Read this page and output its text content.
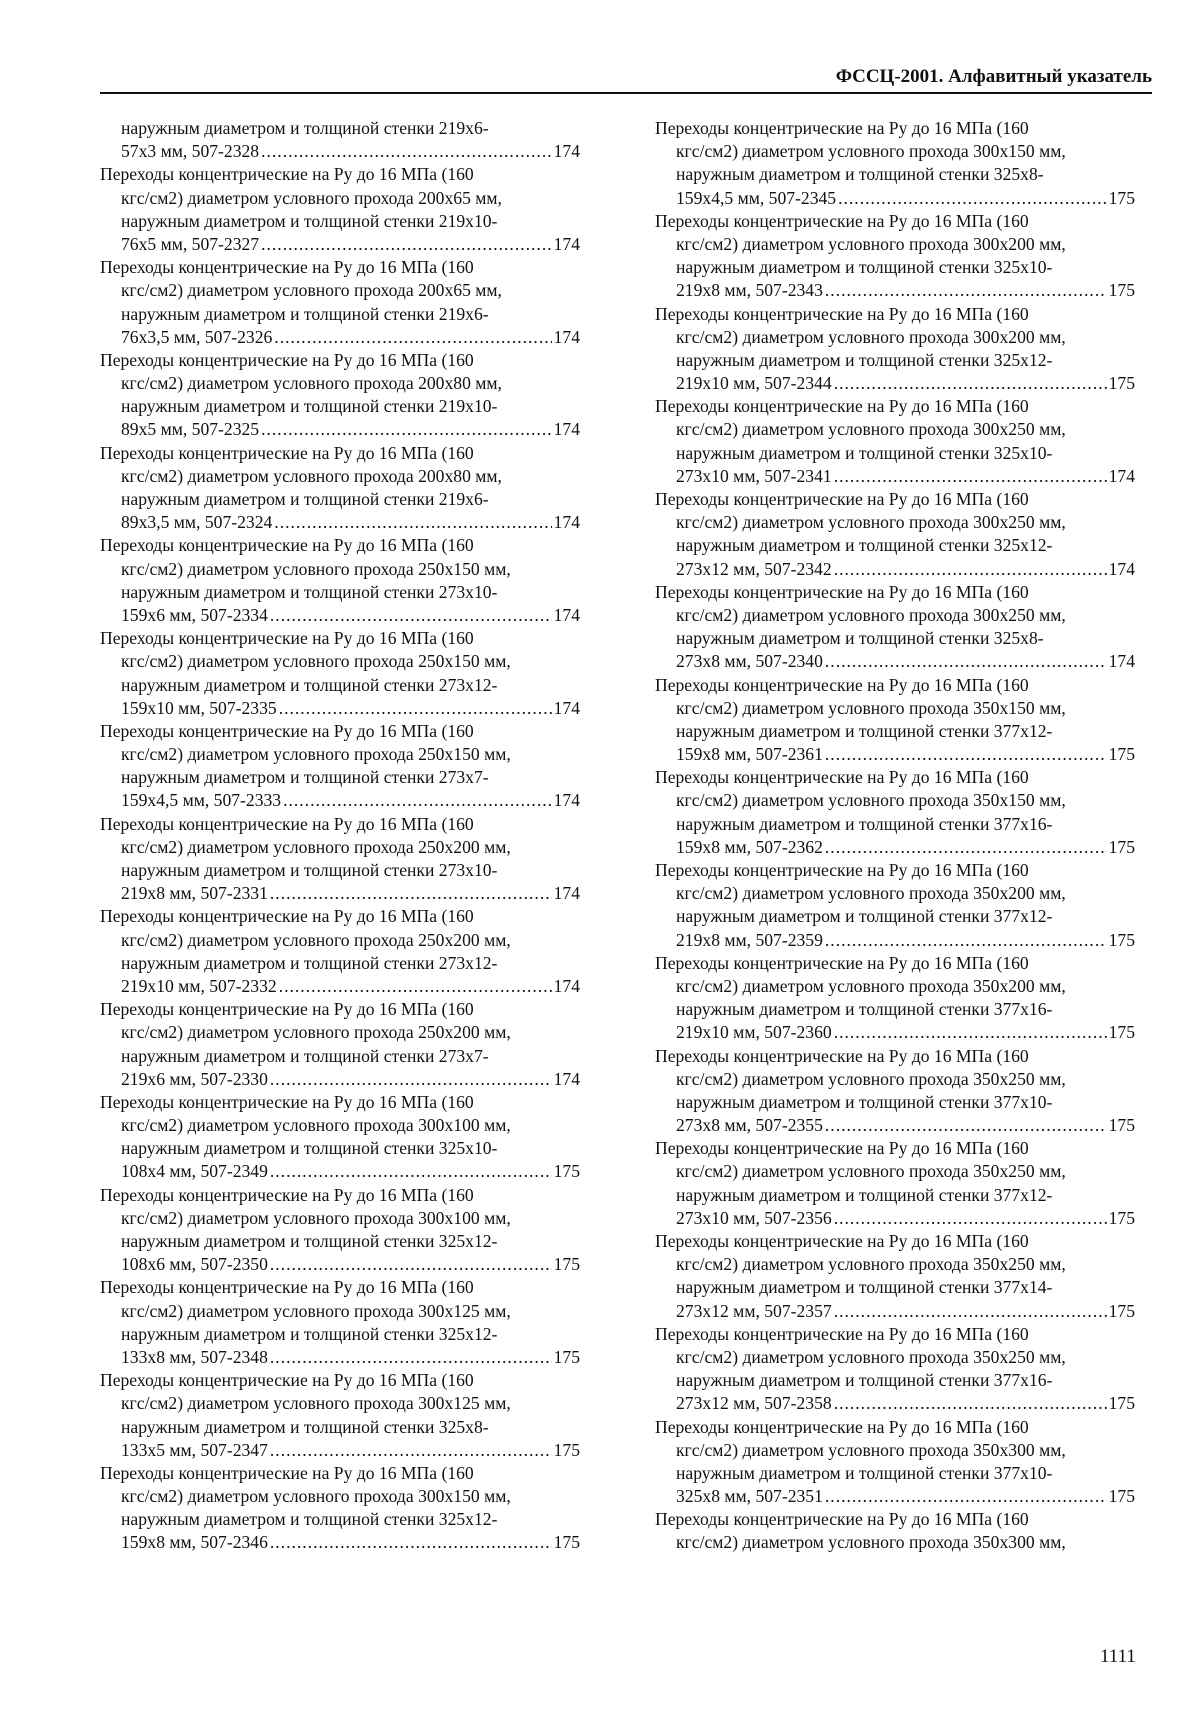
ФССЦ-2001. Алфавитный указатель
наружным диаметром и толщиной стенки 219х6-
57х3 мм, 507-2328 .....	174
Переходы концентрические на Ру до 16 МПа (160
кгс/см2) диаметром условного прохода 200х65 мм,
наружным диаметром и толщиной стенки 219х10-
76х5 мм, 507-2327 .....	174
Переходы концентрические на Ру до 16 МПа (160
кгс/см2) диаметром условного прохода 200х65 мм,
наружным диаметром и толщиной стенки 219х6-
76х3,5 мм, 507-2326 .....	174
Переходы концентрические на Ру до 16 МПа (160
кгс/см2) диаметром условного прохода 200х80 мм,
наружным диаметром и толщиной стенки 219х10-
89х5 мм, 507-2325 .....	174
Переходы концентрические на Ру до 16 МПа (160
кгс/см2) диаметром условного прохода 200х80 мм,
наружным диаметром и толщиной стенки 219х6-
89х3,5 мм, 507-2324 .....	174
Переходы концентрические на Ру до 16 МПа (160
кгс/см2) диаметром условного прохода 250х150 мм,
наружным диаметром и толщиной стенки 273х10-
159х6 мм, 507-2334 .....	174
Переходы концентрические на Ру до 16 МПа (160
кгс/см2) диаметром условного прохода 250х150 мм,
наружным диаметром и толщиной стенки 273х12-
159х10 мм, 507-2335 .....	174
Переходы концентрические на Ру до 16 МПа (160
кгс/см2) диаметром условного прохода 250х150 мм,
наружным диаметром и толщиной стенки 273х7-
159х4,5 мм, 507-2333 .....	174
Переходы концентрические на Ру до 16 МПа (160
кгс/см2) диаметром условного прохода 250х200 мм,
наружным диаметром и толщиной стенки 273х10-
219х8 мм, 507-2331 .....	174
Переходы концентрические на Ру до 16 МПа (160
кгс/см2) диаметром условного прохода 250х200 мм,
наружным диаметром и толщиной стенки 273х12-
219х10 мм, 507-2332 .....	174
Переходы концентрические на Ру до 16 МПа (160
кгс/см2) диаметром условного прохода 250х200 мм,
наружным диаметром и толщиной стенки 273х7-
219х6 мм, 507-2330 .....	174
Переходы концентрические на Ру до 16 МПа (160
кгс/см2) диаметром условного прохода 300х100 мм,
наружным диаметром и толщиной стенки 325х10-
108х4 мм, 507-2349 .....	175
Переходы концентрические на Ру до 16 МПа (160
кгс/см2) диаметром условного прохода 300х100 мм,
наружным диаметром и толщиной стенки 325х12-
108х6 мм, 507-2350 .....	175
Переходы концентрические на Ру до 16 МПа (160
кгс/см2) диаметром условного прохода 300х125 мм,
наружным диаметром и толщиной стенки 325х12-
133х8 мм, 507-2348 .....	175
Переходы концентрические на Ру до 16 МПа (160
кгс/см2) диаметром условного прохода 300х125 мм,
наружным диаметром и толщиной стенки 325х8-
133х5 мм, 507-2347 .....	175
Переходы концентрические на Ру до 16 МПа (160
кгс/см2) диаметром условного прохода 300х150 мм,
наружным диаметром и толщиной стенки 325х12-
159х8 мм, 507-2346 .....	175
Переходы концентрические на Ру до 16 МПа (160
кгс/см2) диаметром условного прохода 300х150 мм,
наружным диаметром и толщиной стенки 325х8-
159х4,5 мм, 507-2345 .....	175
Переходы концентрические на Ру до 16 МПа (160
кгс/см2) диаметром условного прохода 300х200 мм,
наружным диаметром и толщиной стенки 325х10-
219х8 мм, 507-2343 .....	175
Переходы концентрические на Ру до 16 МПа (160
кгс/см2) диаметром условного прохода 300х200 мм,
наружным диаметром и толщиной стенки 325х12-
219х10 мм, 507-2344 .....	175
Переходы концентрические на Ру до 16 МПа (160
кгс/см2) диаметром условного прохода 300х250 мм,
наружным диаметром и толщиной стенки 325х10-
273х10 мм, 507-2341 .....	174
Переходы концентрические на Ру до 16 МПа (160
кгс/см2) диаметром условного прохода 300х250 мм,
наружным диаметром и толщиной стенки 325х12-
273х12 мм, 507-2342 .....	174
Переходы концентрические на Ру до 16 МПа (160
кгс/см2) диаметром условного прохода 300х250 мм,
наружным диаметром и толщиной стенки 325х8-
273х8 мм, 507-2340 .....	174
Переходы концентрические на Ру до 16 МПа (160
кгс/см2) диаметром условного прохода 350х150 мм,
наружным диаметром и толщиной стенки 377х12-
159х8 мм, 507-2361 .....	175
Переходы концентрические на Ру до 16 МПа (160
кгс/см2) диаметром условного прохода 350х150 мм,
наружным диаметром и толщиной стенки 377х16-
159х8 мм, 507-2362 .....	175
Переходы концентрические на Ру до 16 МПа (160
кгс/см2) диаметром условного прохода 350х200 мм,
наружным диаметром и толщиной стенки 377х12-
219х8 мм, 507-2359 .....	175
Переходы концентрические на Ру до 16 МПа (160
кгс/см2) диаметром условного прохода 350х200 мм,
наружным диаметром и толщиной стенки 377х16-
219х10 мм, 507-2360 .....	175
Переходы концентрические на Ру до 16 МПа (160
кгс/см2) диаметром условного прохода 350х250 мм,
наружным диаметром и толщиной стенки 377х10-
273х8 мм, 507-2355 .....	175
Переходы концентрические на Ру до 16 МПа (160
кгс/см2) диаметром условного прохода 350х250 мм,
наружным диаметром и толщиной стенки 377х12-
273х10 мм, 507-2356 .....	175
Переходы концентрические на Ру до 16 МПа (160
кгс/см2) диаметром условного прохода 350х250 мм,
наружным диаметром и толщиной стенки 377х14-
273х12 мм, 507-2357 .....	175
Переходы концентрические на Ру до 16 МПа (160
кгс/см2) диаметром условного прохода 350х250 мм,
наружным диаметром и толщиной стенки 377х16-
273х12 мм, 507-2358 .....	175
Переходы концентрические на Ру до 16 МПа (160
кгс/см2) диаметром условного прохода 350х300 мм,
наружным диаметром и толщиной стенки 377х10-
325х8 мм, 507-2351 .....	175
Переходы концентрические на Ру до 16 МПа (160
кгс/см2) диаметром условного прохода 350х300 мм,
1111
